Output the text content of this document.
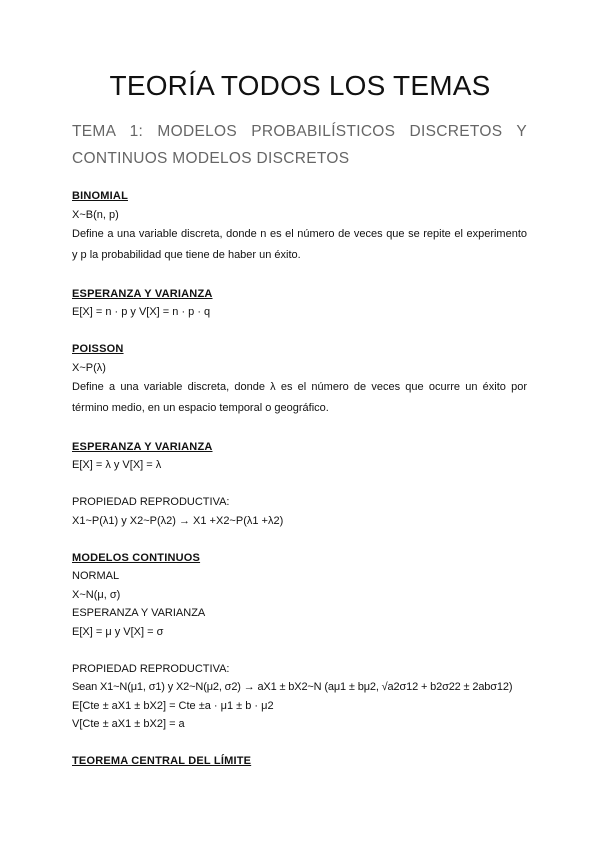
TEORÍA TODOS LOS TEMAS
TEMA 1: MODELOS PROBABILÍSTICOS DISCRETOS Y CONTINUOS MODELOS DISCRETOS

BINOMIAL

X~B(n, p)

Define a una variable discreta, donde n es el número de veces que se repite el experimento y p la probabilidad que tiene de haber un éxito.

ESPERANZA Y VARIANZA

E[X] = n · p y V[X] = n · p · q

POISSON

X~P(λ)

Define a una variable discreta, donde λ es el número de veces que ocurre un éxito por término medio, en un espacio temporal o geográfico.

ESPERANZA Y VARIANZA

E[X] = λ y V[X] = λ

PROPIEDAD REPRODUCTIVA:

X1~P(λ1) y X2~P(λ2) → X1 +X2~P(λ1 +λ2)

MODELOS CONTINUOS

NORMAL

X~N(μ, σ)

ESPERANZA Y VARIANZA

E[X] = μ y V[X] = σ

PROPIEDAD REPRODUCTIVA:

Sean X1~N(μ1, σ1) y X2~N(μ2, σ2) → aX1 ± bX2~N (aμ1 ± bμ2, √a2σ12 + b2σ22 ± 2abσ12)

E[Cte ± aX1 ± bX2] = Cte ±a · μ1 ± b · μ2

V[Cte ± aX1 ± bX2] = a

TEOREMA CENTRAL DEL LÍMITE
